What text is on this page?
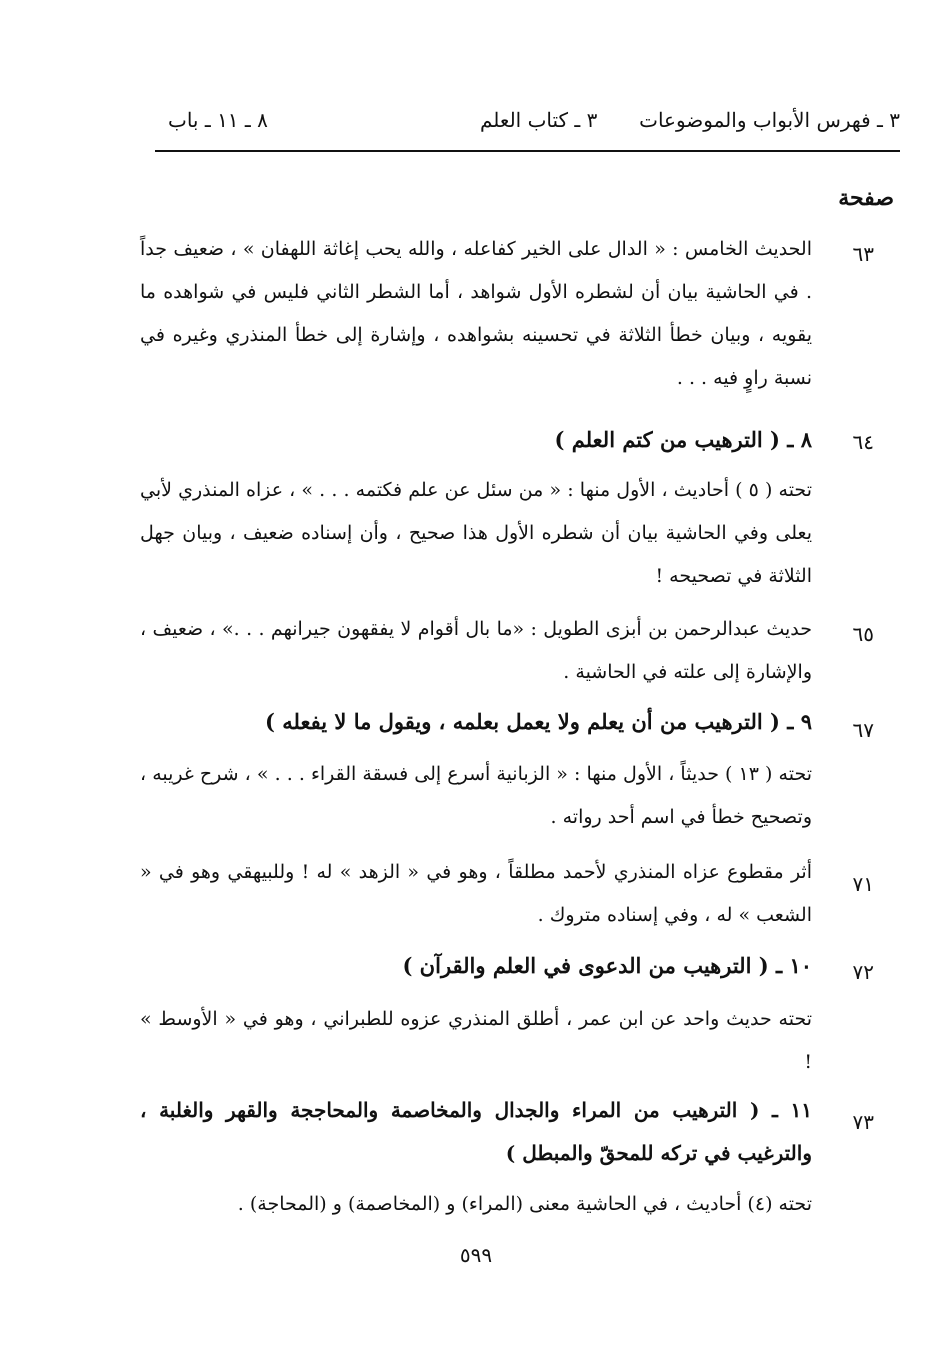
٣ ـ فهرس الأبواب والموضوعات
٣ ـ كتاب العلم
٨ ـ ١١ ـ باب
صفحة
٦٣
الحديث الخامس : « الدال على الخير كفاعله ، والله يحب إغاثة اللهفان » ، ضعيف جداً . في الحاشية بيان أن لشطره الأول شواهد ، أما الشطر الثاني فليس في شواهده ما يقويه ، وبيان خطأ الثلاثة في تحسينه بشواهده ، وإشارة إلى خطأ المنذري وغيره في نسبة راوٍ فيه . . .
٦٤
٨ ـ ( الترهيب من كتم العلم )
تحته ( ٥ ) أحاديث ، الأول منها : « من سئل عن علم فكتمه . . . » ، عزاه المنذري لأبي يعلى وفي الحاشية بيان أن شطره الأول هذا صحيح ، وأن إسناده ضعيف ، وبيان جهل الثلاثة في تصحيحه !
٦٥
حديث عبدالرحمن بن أبزى الطويل : «ما بال أقوام لا يفقهون جيرانهم . . .» ، ضعيف ، والإشارة إلى علته في الحاشية .
٦٧
٩ ـ ( الترهيب من أن يعلم ولا يعمل بعلمه ، ويقول ما لا يفعله )
تحته ( ١٣ ) حديثاً ، الأول منها : « الزبانية أسرع إلى فسقة القراء . . . » ، شرح غريبه ، وتصحيح خطأ في اسم أحد رواته .
٧١
أثر مقطوع عزاه المنذري لأحمد مطلقاً ، وهو في « الزهد » له ! وللبيهقي وهو في « الشعب » له ، وفي إسناده متروك .
٧٢
١٠ ـ ( الترهيب من الدعوى في العلم والقرآن )
تحته حديث واحد عن ابن عمر ، أطلق المنذري عزوه للطبراني ، وهو في « الأوسط » !
٧٣
١١ ـ ( الترهيب من المراء والجدال والمخاصمة والمحاججة والقهر والغلبة ، والترغيب في تركه للمحقّ والمبطل )
تحته (٤) أحاديث ، في الحاشية معنى (المراء) و (المخاصمة) و (المحاجة) .
٥٩٩
